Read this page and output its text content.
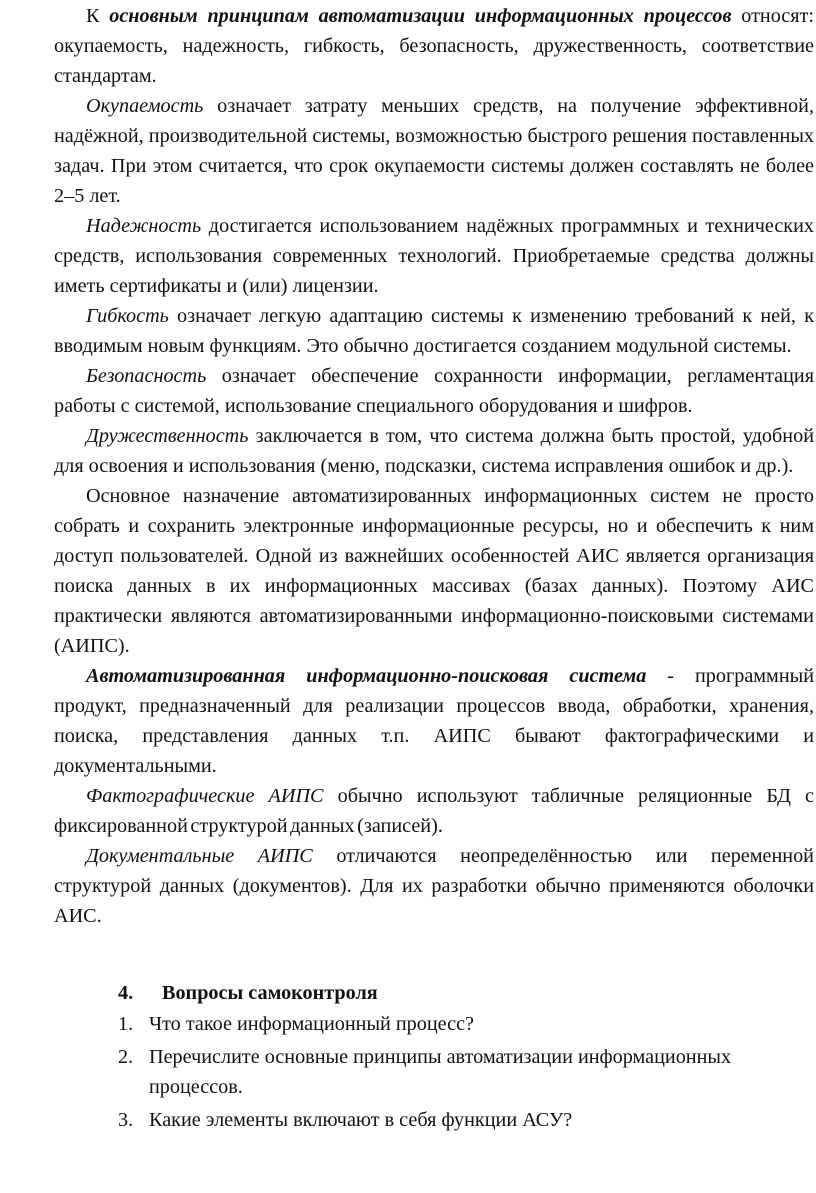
К основным принципам автоматизации информационных процессов относят: окупаемость, надежность, гибкость, безопасность, дружественность, соответствие стандартам.

Окупаемость означает затрату меньших средств, на получение эффективной, надёжной, производительной системы, возможностью быстрого решения поставленных задач. При этом считается, что срок окупаемости системы должен составлять не более 2–5 лет.

Надежность достигается использованием надёжных программных и технических средств, использования современных технологий. Приобретаемые средства должны иметь сертификаты и (или) лицензии.

Гибкость означает легкую адаптацию системы к изменению требований к ней, к вводимым новым функциям. Это обычно достигается созданием модульной системы.

Безопасность означает обеспечение сохранности информации, регламентация работы с системой, использование специального оборудования и шифров.

Дружественность заключается в том, что система должна быть простой, удобной для освоения и использования (меню, подсказки, система исправления ошибок и др.).

Основное назначение автоматизированных информационных систем не просто собрать и сохранить электронные информационные ресурсы, но и обеспечить к ним доступ пользователей. Одной из важнейших особенностей АИС является организация поиска данных в их информационных массивах (базах данных). Поэтому АИС практически являются автоматизированными информационно-поисковыми системами (АИПС).

Автоматизированная информационно-поисковая система - программный продукт, предназначенный для реализации процессов ввода, обработки, хранения, поиска, представления данных т.п. АИПС бывают фактографическими и документальными.

Фактографические АИПС обычно используют табличные реляционные БД с фиксированной структурой данных (записей).

Документальные АИПС отличаются неопределённостью или переменной структурой данных (документов). Для их разработки обычно применяются оболочки АИС.

4. Вопросы самоконтроля
1. Что такое информационный процесс?
2. Перечислите основные принципы автоматизации информационных процессов.
3. Какие элементы включают в себя функции АСУ?
